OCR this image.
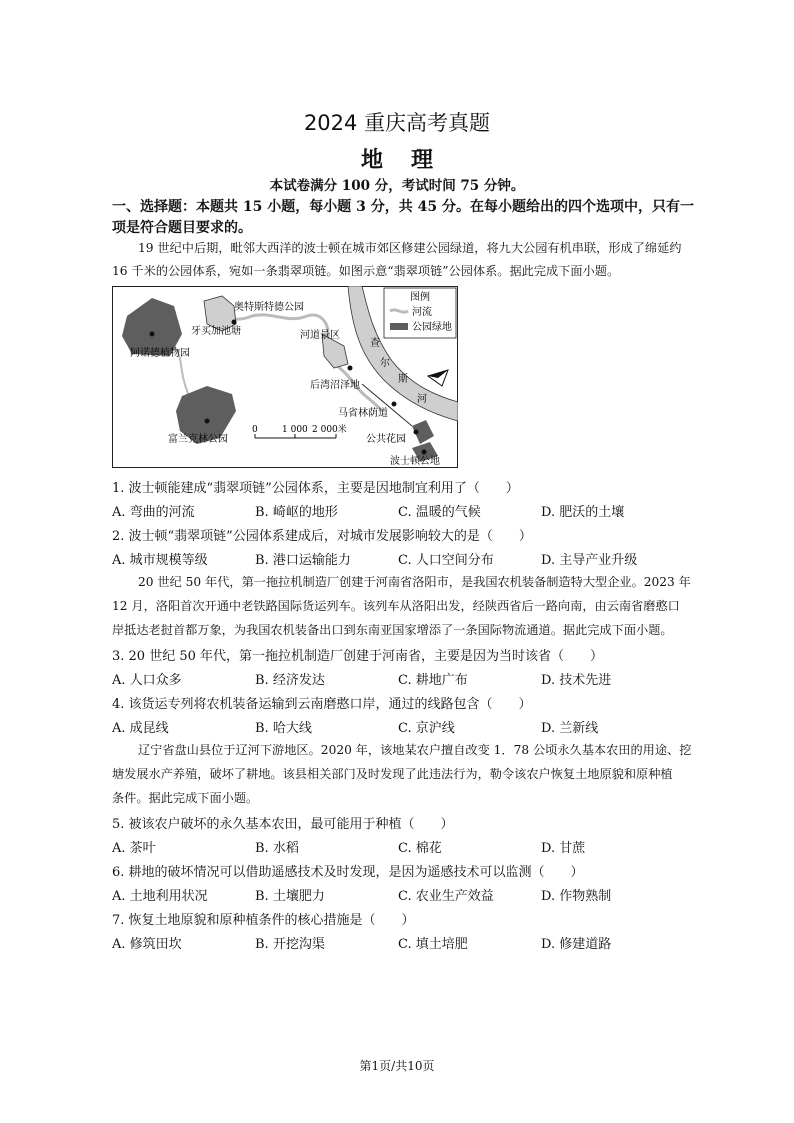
2024 重庆高考真题
地理
本试卷满分 100 分，考试时间 75 分钟。
一、选择题：本题共 15 小题，每小题 3 分，共 45 分。在每小题给出的四个选项中，只有一
项是符合题目要求的。
19 世纪中后期，毗邻大西洋的波士顿在城市郊区修建公园绿道，将九大公园有机串联，形成了绵延约
16 千米的公园体系，宛如一条翡翠项链。如图示意“翡翠项链”公园体系。据此完成下面小题。
奥特斯特德公园
牙买加池塘
阿诺德植物园
河道景区
后湾沼泽地
富兰克林公园
查
尔
斯
河
马省林荫道
公共花园
波士顿公地
图例
河流
公园绿地
0	1 000 2 000米
1. 波士顿能建成“翡翠项链”公园体系，主要是因地制宜利用了（　　）
A. 弯曲的河流	B. 崎岖的地形	C. 温暖的气候	D. 肥沃的土壤
2. 波士顿“翡翠项链”公园体系建成后，对城市发展影响较大的是（　　）
A. 城市规模等级	B. 港口运输能力	C. 人口空间分布	D. 主导产业升级
20 世纪 50 年代，第一拖拉机制造厂创建于河南省洛阳市，是我国农机装备制造特大型企业。2023 年
12 月，洛阳首次开通中老铁路国际货运列车。该列车从洛阳出发，经陕西省后一路向南，由云南省磨憨口
岸抵达老挝首都万象，为我国农机装备出口到东南亚国家增添了一条国际物流通道。据此完成下面小题。
3. 20 世纪 50 年代，第一拖拉机制造厂创建于河南省，主要是因为当时该省（　　）
A. 人口众多	B. 经济发达	C. 耕地广布	D. 技术先进
4. 该货运专列将农机装备运输到云南磨憨口岸，通过的线路包含（　　）
A. 成昆线	B. 哈大线	C. 京沪线	D. 兰新线
辽宁省盘山县位于辽河下游地区。2020 年，该地某农户擅自改变 1．78 公顷永久基本农田的用途、挖
塘发展水产养殖，破坏了耕地。该县相关部门及时发现了此违法行为，勒令该农户恢复土地原貌和原种植
条件。据此完成下面小题。
5. 被该农户破坏的永久基本农田，最可能用于种植（　　）
A. 茶叶	B. 水稻	C. 棉花	D. 甘蔗
6. 耕地的破坏情况可以借助遥感技术及时发现，是因为遥感技术可以监测（　　）
A. 土地利用状况	B. 土壤肥力	C. 农业生产效益	D. 作物熟制
7. 恢复土地原貌和原种植条件的核心措施是（　　）
A. 修筑田坎	B. 开挖沟渠	C. 填土培肥	D. 修建道路
第1页/共10页
